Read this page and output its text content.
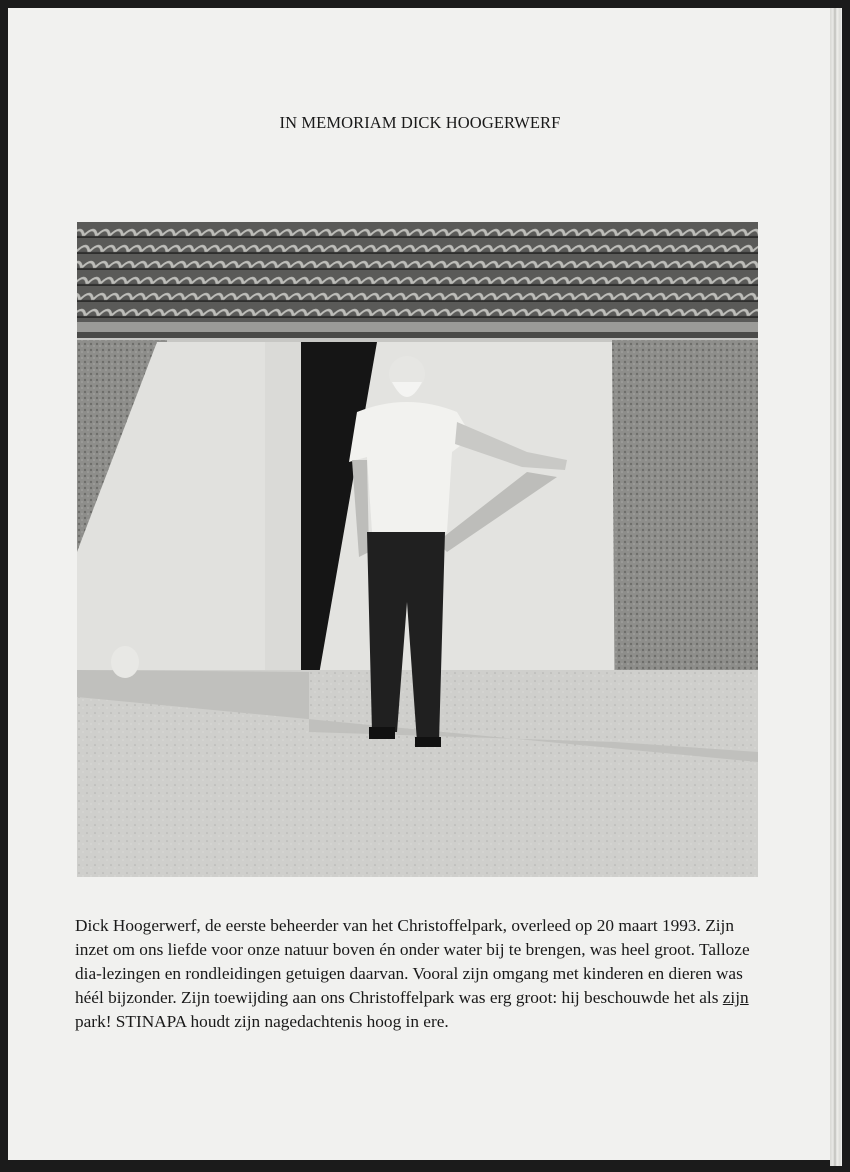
IN MEMORIAM DICK HOOGERWERF

Dick Hoogerwerf, de eerste beheerder van het Christoffelpark, overleed op 20 maart 1993. Zijn inzet om ons liefde voor onze natuur boven én onder water bij te brengen, was heel groot. Talloze dia-lezingen en rondleidingen getuigen daarvan. Vooral zijn omgang met kinderen en dieren was héél bijzonder. Zijn toewijding aan ons Christoffelpark was erg groot: hij beschouwde het als zijn park! STINAPA houdt zijn nagedachtenis hoog in ere.
